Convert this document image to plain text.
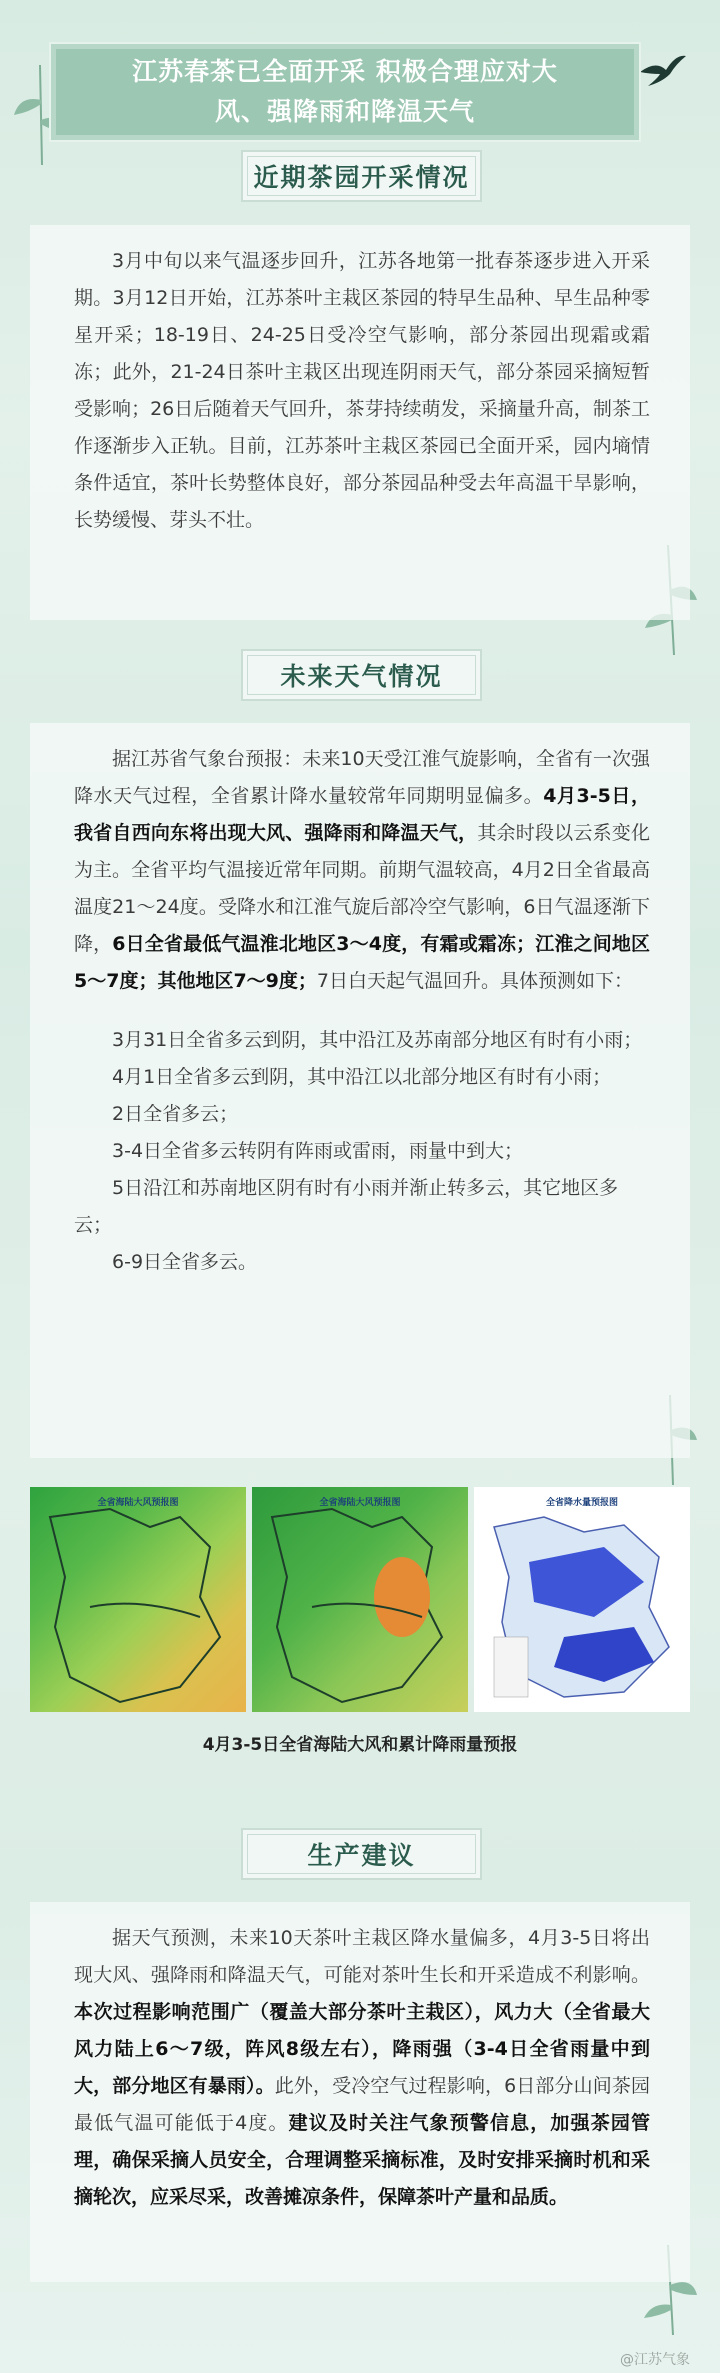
江苏春茶已全面开采 积极合理应对大风、强降雨和降温天气
近期茶园开采情况

3月中旬以来气温逐步回升，江苏各地第一批春茶逐步进入开采期。3月12日开始，江苏茶叶主栽区茶园的特早生品种、早生品种零星开采；18-19日、24-25日受冷空气影响，部分茶园出现霜或霜冻；此外，21-24日茶叶主栽区出现连阴雨天气，部分茶园采摘短暂受影响；26日后随着天气回升，茶芽持续萌发，采摘量升高，制茶工作逐渐步入正轨。目前，江苏茶叶主栽区茶园已全面开采，园内墒情条件适宜，茶叶长势整体良好，部分茶园品种受去年高温干旱影响，长势缓慢、芽头不壮。

未来天气情况

据江苏省气象台预报：未来10天受江淮气旋影响，全省有一次强降水天气过程，全省累计降水量较常年同期明显偏多。4月3-5日，我省自西向东将出现大风、强降雨和降温天气，其余时段以云系变化为主。全省平均气温接近常年同期。前期气温较高，4月2日全省最高温度21～24度。受降水和江淮气旋后部冷空气影响，6日气温逐渐下降，6日全省最低气温淮北地区3～4度，有霜或霜冻；江淮之间地区5～7度；其他地区7～9度；7日白天起气温回升。具体预测如下：

3月31日全省多云到阴，其中沿江及苏南部分地区有时有小雨；

4月1日全省多云到阴，其中沿江以北部分地区有时有小雨；

2日全省多云；

3-4日全省多云转阴有阵雨或雷雨，雨量中到大；

5日沿江和苏南地区阴有时有小雨并渐止转多云，其它地区多云；

6-9日全省多云。

全省海陆大风预报图	全省海陆大风预报图	全省降水量预报图
4月3-5日全省海陆大风和累计降雨量预报
生产建议

据天气预测，未来10天茶叶主栽区降水量偏多，4月3-5日将出现大风、强降雨和降温天气，可能对茶叶生长和开采造成不利影响。本次过程影响范围广（覆盖大部分茶叶主栽区），风力大（全省最大风力陆上6～7级，阵风8级左右），降雨强（3-4日全省雨量中到大，部分地区有暴雨）。此外，受冷空气过程影响，6日部分山间茶园最低气温可能低于4度。建议及时关注气象预警信息，加强茶园管理，确保采摘人员安全，合理调整采摘标准，及时安排采摘时机和采摘轮次，应采尽采，改善摊凉条件，保障茶叶产量和品质。

@江苏气象
